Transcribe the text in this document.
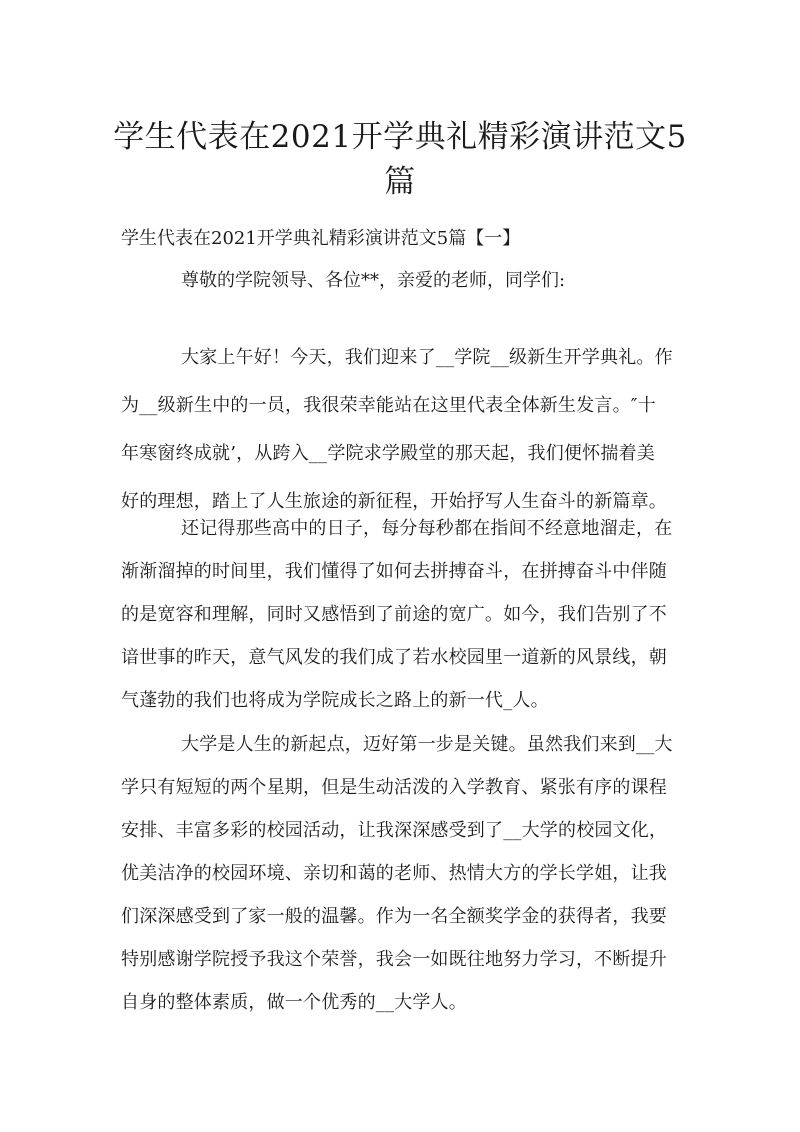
学生代表在2021开学典礼精彩演讲范文5
篇
学生代表在2021开学典礼精彩演讲范文5篇【一】
尊敬的学院领导、各位**，亲爱的老师，同学们:
大家上午好！今天，我们迎来了__学院__级新生开学典礼。作
为__级新生中的一员，我很荣幸能站在这里代表全体新生发言。″十
年寒窗终成就’，从跨入__学院求学殿堂的那天起，我们便怀揣着美
好的理想，踏上了人生旅途的新征程，开始抒写人生奋斗的新篇章。
还记得那些高中的日子，每分每秒都在指间不经意地溜走，在
渐渐溜掉的时间里，我们懂得了如何去拼搏奋斗，在拼搏奋斗中伴随
的是宽容和理解，同时又感悟到了前途的宽广。如今，我们告别了不
谙世事的昨天，意气风发的我们成了若水校园里一道新的风景线，朝
气蓬勃的我们也将成为学院成长之路上的新一代_人。
大学是人生的新起点，迈好第一步是关键。虽然我们来到__大
学只有短短的两个星期，但是生动活泼的入学教育、紧张有序的课程
安排、丰富多彩的校园活动，让我深深感受到了__大学的校园文化，
优美洁净的校园环境、亲切和蔼的老师、热情大方的学长学姐，让我
们深深感受到了家一般的温馨。作为一名全额奖学金的获得者，我要
特别感谢学院授予我这个荣誉，我会一如既往地努力学习，不断提升
自身的整体素质，做一个优秀的__大学人。
